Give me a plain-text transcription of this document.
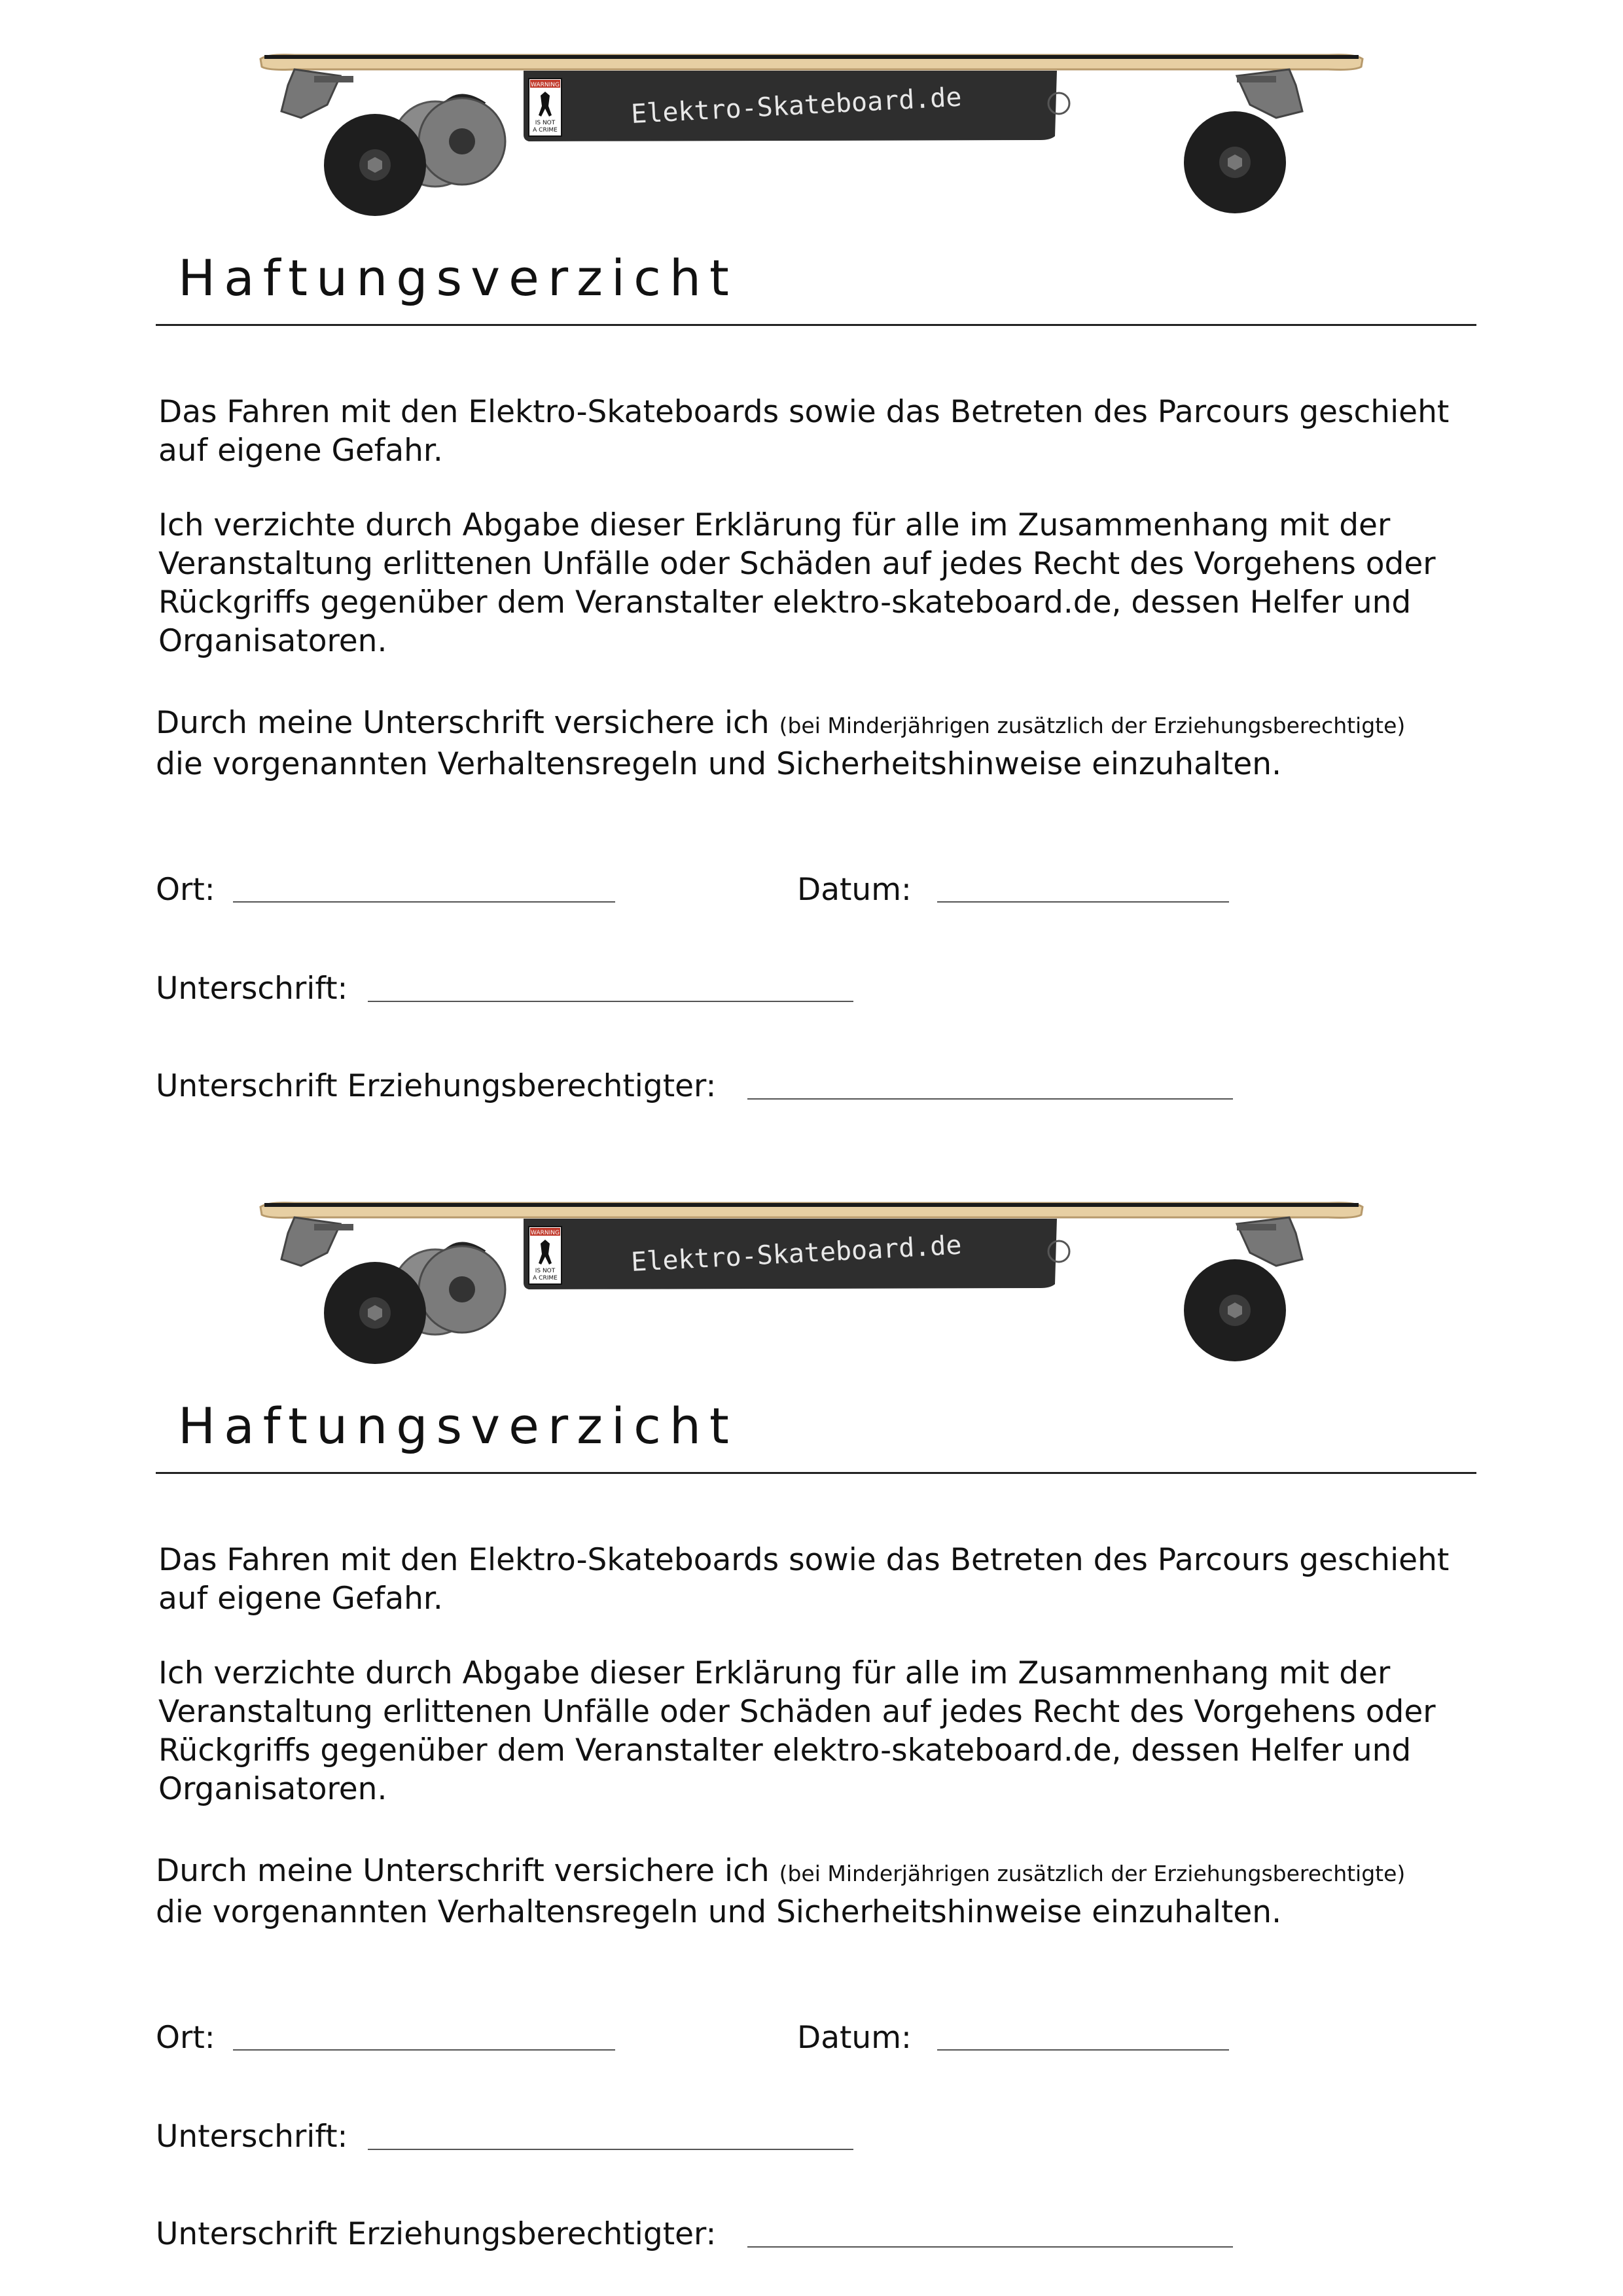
WARNING
IS NOT
A CRIME
Elektro-Skateboard.de
Haftungsverzicht

Das Fahren mit den Elektro-Skateboards sowie das Betreten des Parcours geschieht auf eigene Gefahr.

Ich verzichte durch Abgabe dieser Erklärung für alle im Zusammenhang mit der Veranstaltung erlittenen Unfälle oder Schäden auf jedes Recht des Vorgehens oder Rückgriffs gegenüber dem Veranstalter elektro-skateboard.de, dessen Helfer und Organisatoren.

Durch meine Unterschrift versichere ich (bei Minderjährigen zusätzlich der Erziehungsberechtigte)
die vorgenannten Verhaltensregeln und Sicherheitshinweise einzuhalten.

Ort:	Datum:
Unterschrift:
Unterschrift Erziehungsberechtigter:
WARNING
IS NOT
A CRIME
Elektro-Skateboard.de
Haftungsverzicht

Das Fahren mit den Elektro-Skateboards sowie das Betreten des Parcours geschieht auf eigene Gefahr.

Ich verzichte durch Abgabe dieser Erklärung für alle im Zusammenhang mit der Veranstaltung erlittenen Unfälle oder Schäden auf jedes Recht des Vorgehens oder Rückgriffs gegenüber dem Veranstalter elektro-skateboard.de, dessen Helfer und Organisatoren.

Durch meine Unterschrift versichere ich (bei Minderjährigen zusätzlich der Erziehungsberechtigte)
die vorgenannten Verhaltensregeln und Sicherheitshinweise einzuhalten.

Ort:	Datum:
Unterschrift:
Unterschrift Erziehungsberechtigter:
